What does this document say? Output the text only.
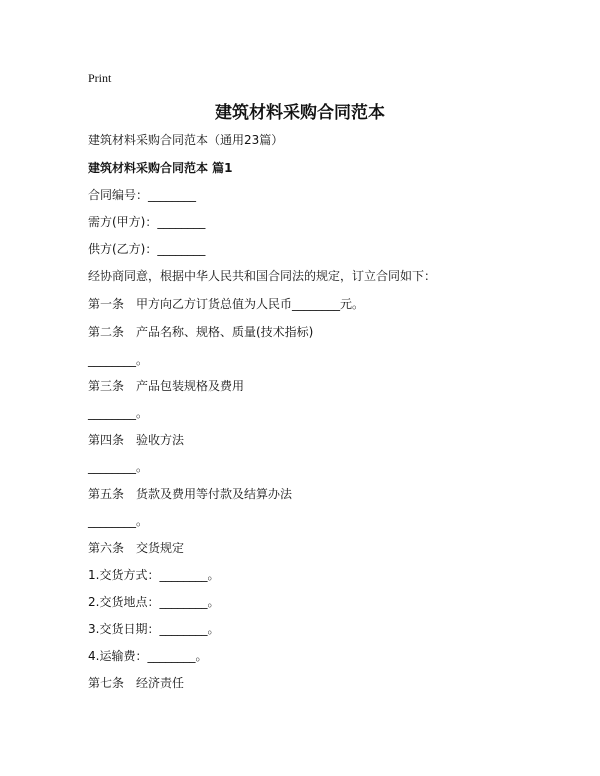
Print
建筑材料采购合同范本
建筑材料采购合同范本（通用23篇）
建筑材料采购合同范本 篇1
合同编号：________
需方(甲方)：________
供方(乙方)：________
经协商同意，根据中华人民共和国合同法的规定，订立合同如下：
第一条　甲方向乙方订货总值为人民币________元。
第二条　产品名称、规格、质量(技术指标)
________。
第三条　产品包装规格及费用
________。
第四条　验收方法
________。
第五条　货款及费用等付款及结算办法
________。
第六条　交货规定
1.交货方式：________。
2.交货地点：________。
3.交货日期：________。
4.运输费：________。
第七条　经济责任
